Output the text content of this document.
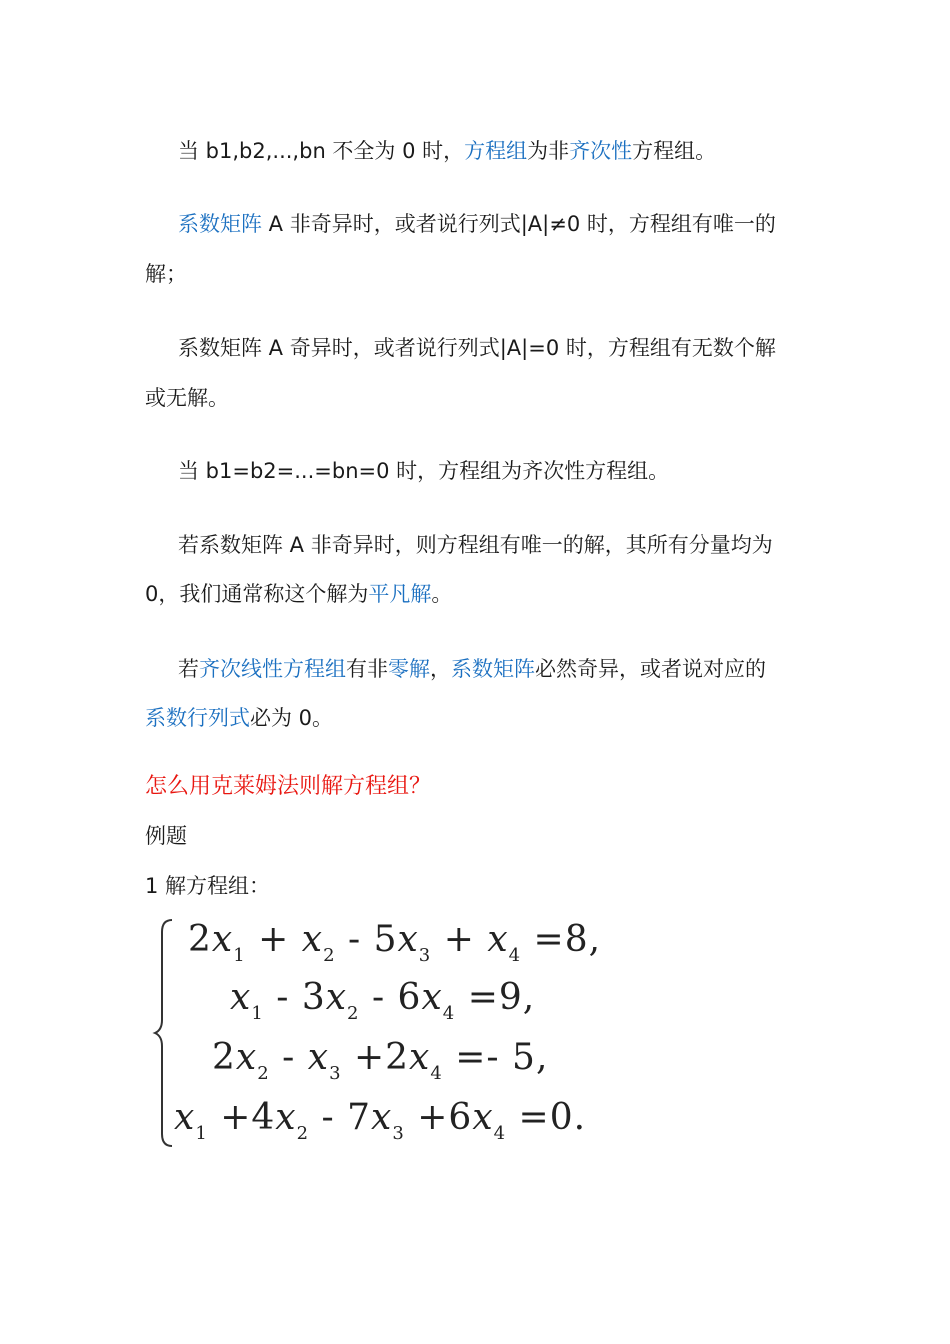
当 b1,b2,...,bn 不全为 0 时，方程组为非齐次性方程组。
系数矩阵 A 非奇异时，或者说行列式|A|≠0 时，方程组有唯一的
解；
系数矩阵 A 奇异时，或者说行列式|A|=0 时，方程组有无数个解
或无解。
当 b1=b2=...=bn=0 时，方程组为齐次性方程组。
若系数矩阵 A 非奇异时，则方程组有唯一的解，其所有分量均为
0，我们通常称这个解为平凡解。
若齐次线性方程组有非零解，系数矩阵必然奇异，或者说对应的
系数行列式必为 0。
怎么用克莱姆法则解方程组？
例题
1 解方程组：
$2x_1 + x_2 - 5x_3 + x_4 =8$,
$x_1 - 3x_2 - 6x_4 =9$,
$2x_2 - x_3 +2x_4 =- 5$,
$x_1 +4x_2 - 7x_3 +6x_4 =0$.
